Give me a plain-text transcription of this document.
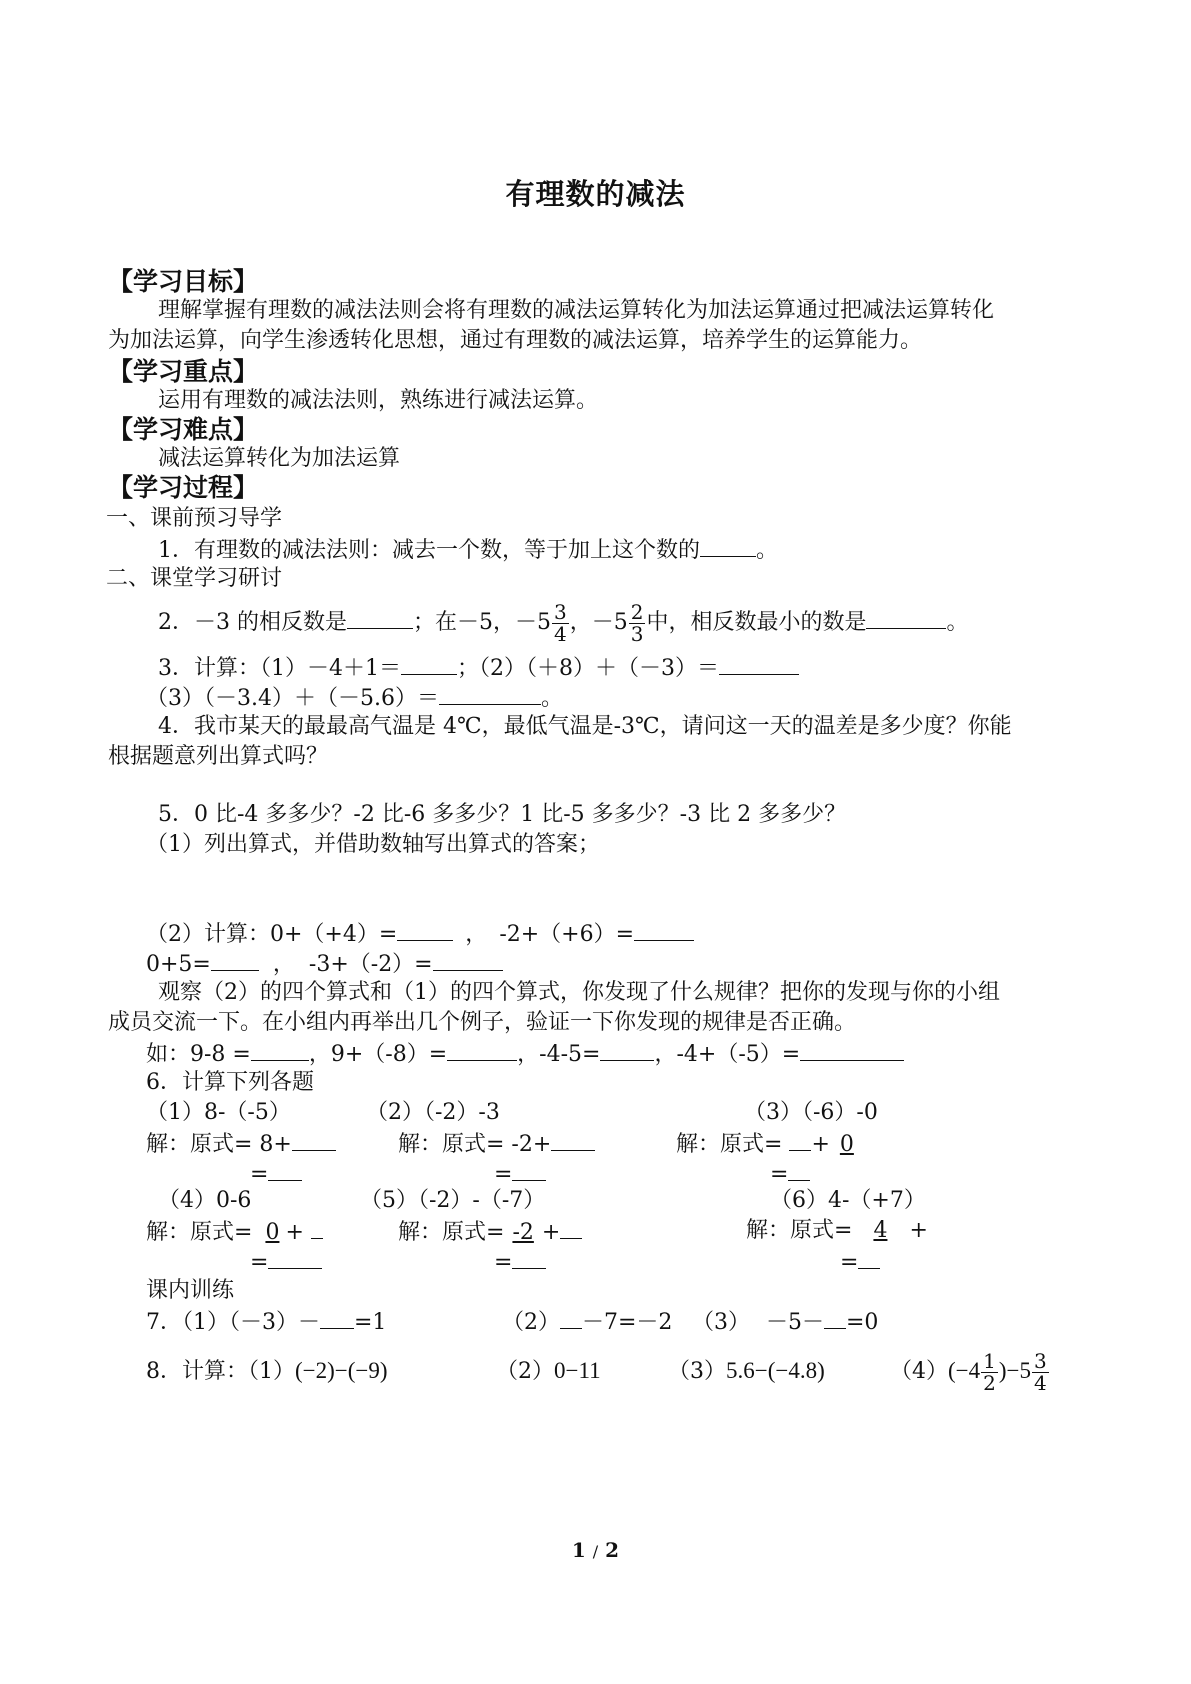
有理数的减法
【学习目标】
理解掌握有理数的减法法则会将有理数的减法运算转化为加法运算通过把减法运算转化
为加法运算，向学生渗透转化思想，通过有理数的减法运算，培养学生的运算能力。
【学习重点】
运用有理数的减法法则，熟练进行减法运算。
【学习难点】
减法运算转化为加法运算
【学习过程】
一、课前预习导学
1．有理数的减法法则：减去一个数，等于加上这个数的	。
二、课堂学习研讨
2．－3 的相反数是	；在－5，$-5 \frac{3}{4}$ ，$-5 \frac{2}{3}$ 中，相反数最小的数是	。
3．计算：（1）－4＋1＝	；（2）（＋8）＋（－3）＝
（3）（－3.4）＋（－5.6）＝	。
4．我市某天的最最高气温是 4℃，最低气温是-3℃，请问这一天的温差是多少度？你能
根据题意列出算式吗？
5．0 比-4 多多少？-2 比-6 多多少？1 比-5 多多少？-3 比 2 多多少？
（1）列出算式，并借助数轴写出算式的答案；
（2）计算：0+（+4）=	， -2+（+6）=
0+5=	， -3+（-2）=
观察（2）的四个算式和（1）的四个算式，你发现了什么规律？把你的发现与你的小组
成员交流一下。在小组内再举出几个例子，验证一下你发现的规律是否正确。
如：9-8 =	，9+（-8）=	，-4-5= ，-4+（-5）=
6．计算下列各题
（1）8-（-5）	（2）（-2）-3	（3）（-6）-0
解：原式= 8+	解：原式= -2+	解：原式= + 0
=	=	=
（4）0-6	（5）（-2）-（-7）	（6）4-（+7）
解：原式= 0 +	解：原式= -2 +	解：原式= 4 +
=	=	=
课内训练
7．（1）（－3）－ =1	（2） －7=－2 （3） －5－ =0
8．计算：（1）(−2)−(−9)	（2）0−11	（3）5.6−(−4.8)	$(4)(-4 \frac{1}{2} )-5 \frac{3}{4}$
1 / 2
